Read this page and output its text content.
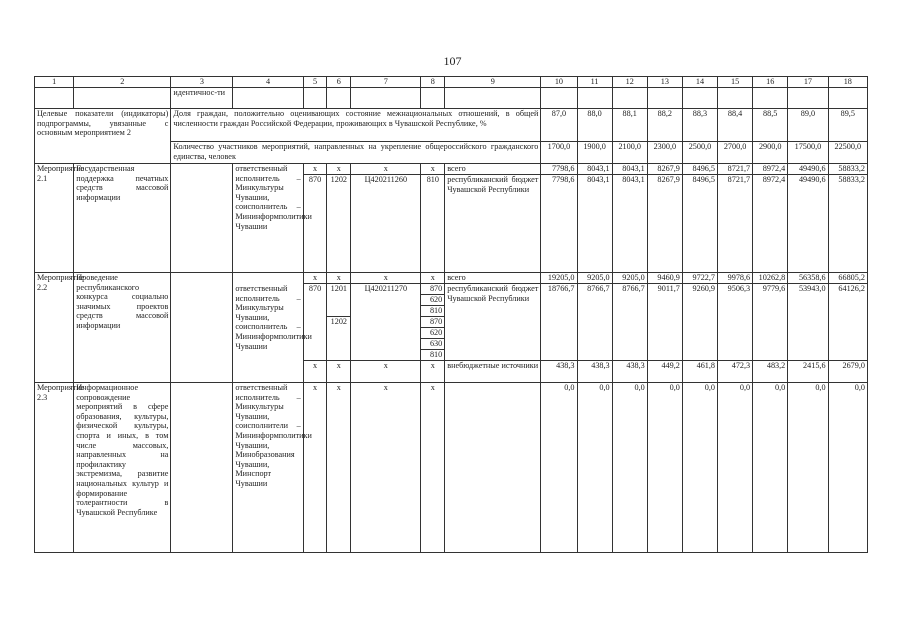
107
1	2	3	4	5	6	7	8	9	10	11	12	13	14	15	16	17	18
		идентичнос-ти															
Целевые показатели (индикаторы) подпрограммы, увязанные с основным мероприятием 2		Доля граждан, положительно оценивающих состояние межнациональных отношений, в общей численности граждан Российской Федерации, проживающих в Чувашской Республике, %							87,0	88,0	88,1	88,2	88,3	88,4	88,5	89,0	89,5
		Количество участников мероприятий, направленных на укрепление общероссийского гражданского единства, человек							1700,0	1900,0	2100,0	2300,0	2500,0	2700,0	2900,0	17500,0	22500,0
Мероприятие 2.1	Государственная поддержка печатных средств массовой информации		ответственный исполнитель – Минкультуры Чувашии, соисполнитель – Мининформполитики Чувашии	x	x	x	x	всего	7798,6	8043,1	8043,1	8267,9	8496,5	8721,7	8972,4	49490,6	58833,2
				870	1202	Ц420211260	810	республиканский бюджет Чувашской Республики	7798,6	8043,1	8043,1	8267,9	8496,5	8721,7	8972,4	49490,6	58833,2
Мероприятие 2.2	Проведение республиканского конкурса социально значимых проектов средств массовой информации		ответственный исполнитель – Минкультуры Чувашии, соисполнитель – Мининформполитики Чувашии	x	x	x	x	всего	19205,0	9205,0	9205,0	9460,9	9722,7	9978,6	10262,8	56358,6	66805,2
				870	1201	Ц420211270	870	республиканский бюджет Чувашской Республики	18766,7	8766,7	8766,7	9011,7	9260,9	9506,3	9779,6	53943,0	64126,2
							620										
							810										
					1202		870										
							620										
							630										
							810										
				x	x	x	x	внебюджетные источники	438,3	438,3	438,3	449,2	461,8	472,3	483,2	2415,6	2679,0
Мероприятие 2.3	Информационное сопровождение мероприятий в сфере образования, культуры, физической культуры, спорта и иных, в том числе массовых, направленных на профилактику экстремизма, развитие национальных культур и формирование толерантности в Чувашской Республике		ответственный исполнитель – Минкультуры Чувашии, соисполнители – Мининформполитики Чувашии, Минобразования Чувашии, Минспорт Чувашии	x	x	x	x		0,0	0,0	0,0	0,0	0,0	0,0	0,0	0,0	0,0
